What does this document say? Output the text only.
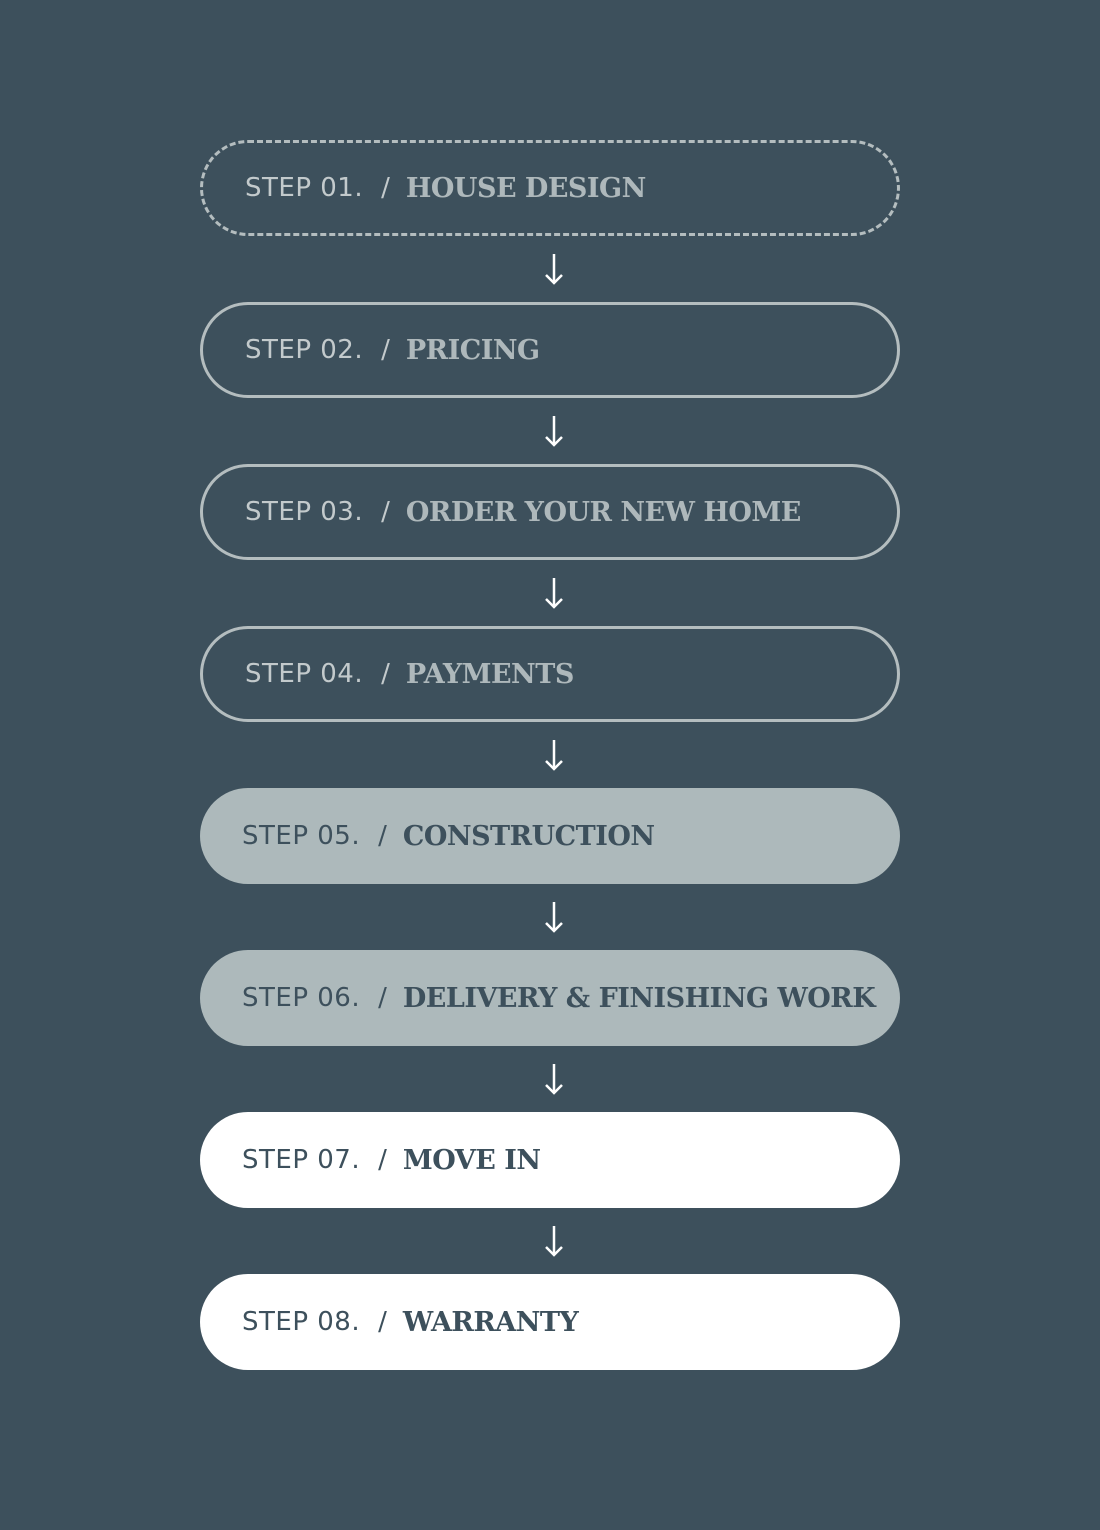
STEP 01. / HOUSE DESIGN
STEP 02. / PRICING
STEP 03. / ORDER YOUR NEW HOME
STEP 04. / PAYMENTS
STEP 05. / CONSTRUCTION
STEP 06. / DELIVERY & FINISHING WORK
STEP 07. / MOVE IN
STEP 08. / WARRANTY
